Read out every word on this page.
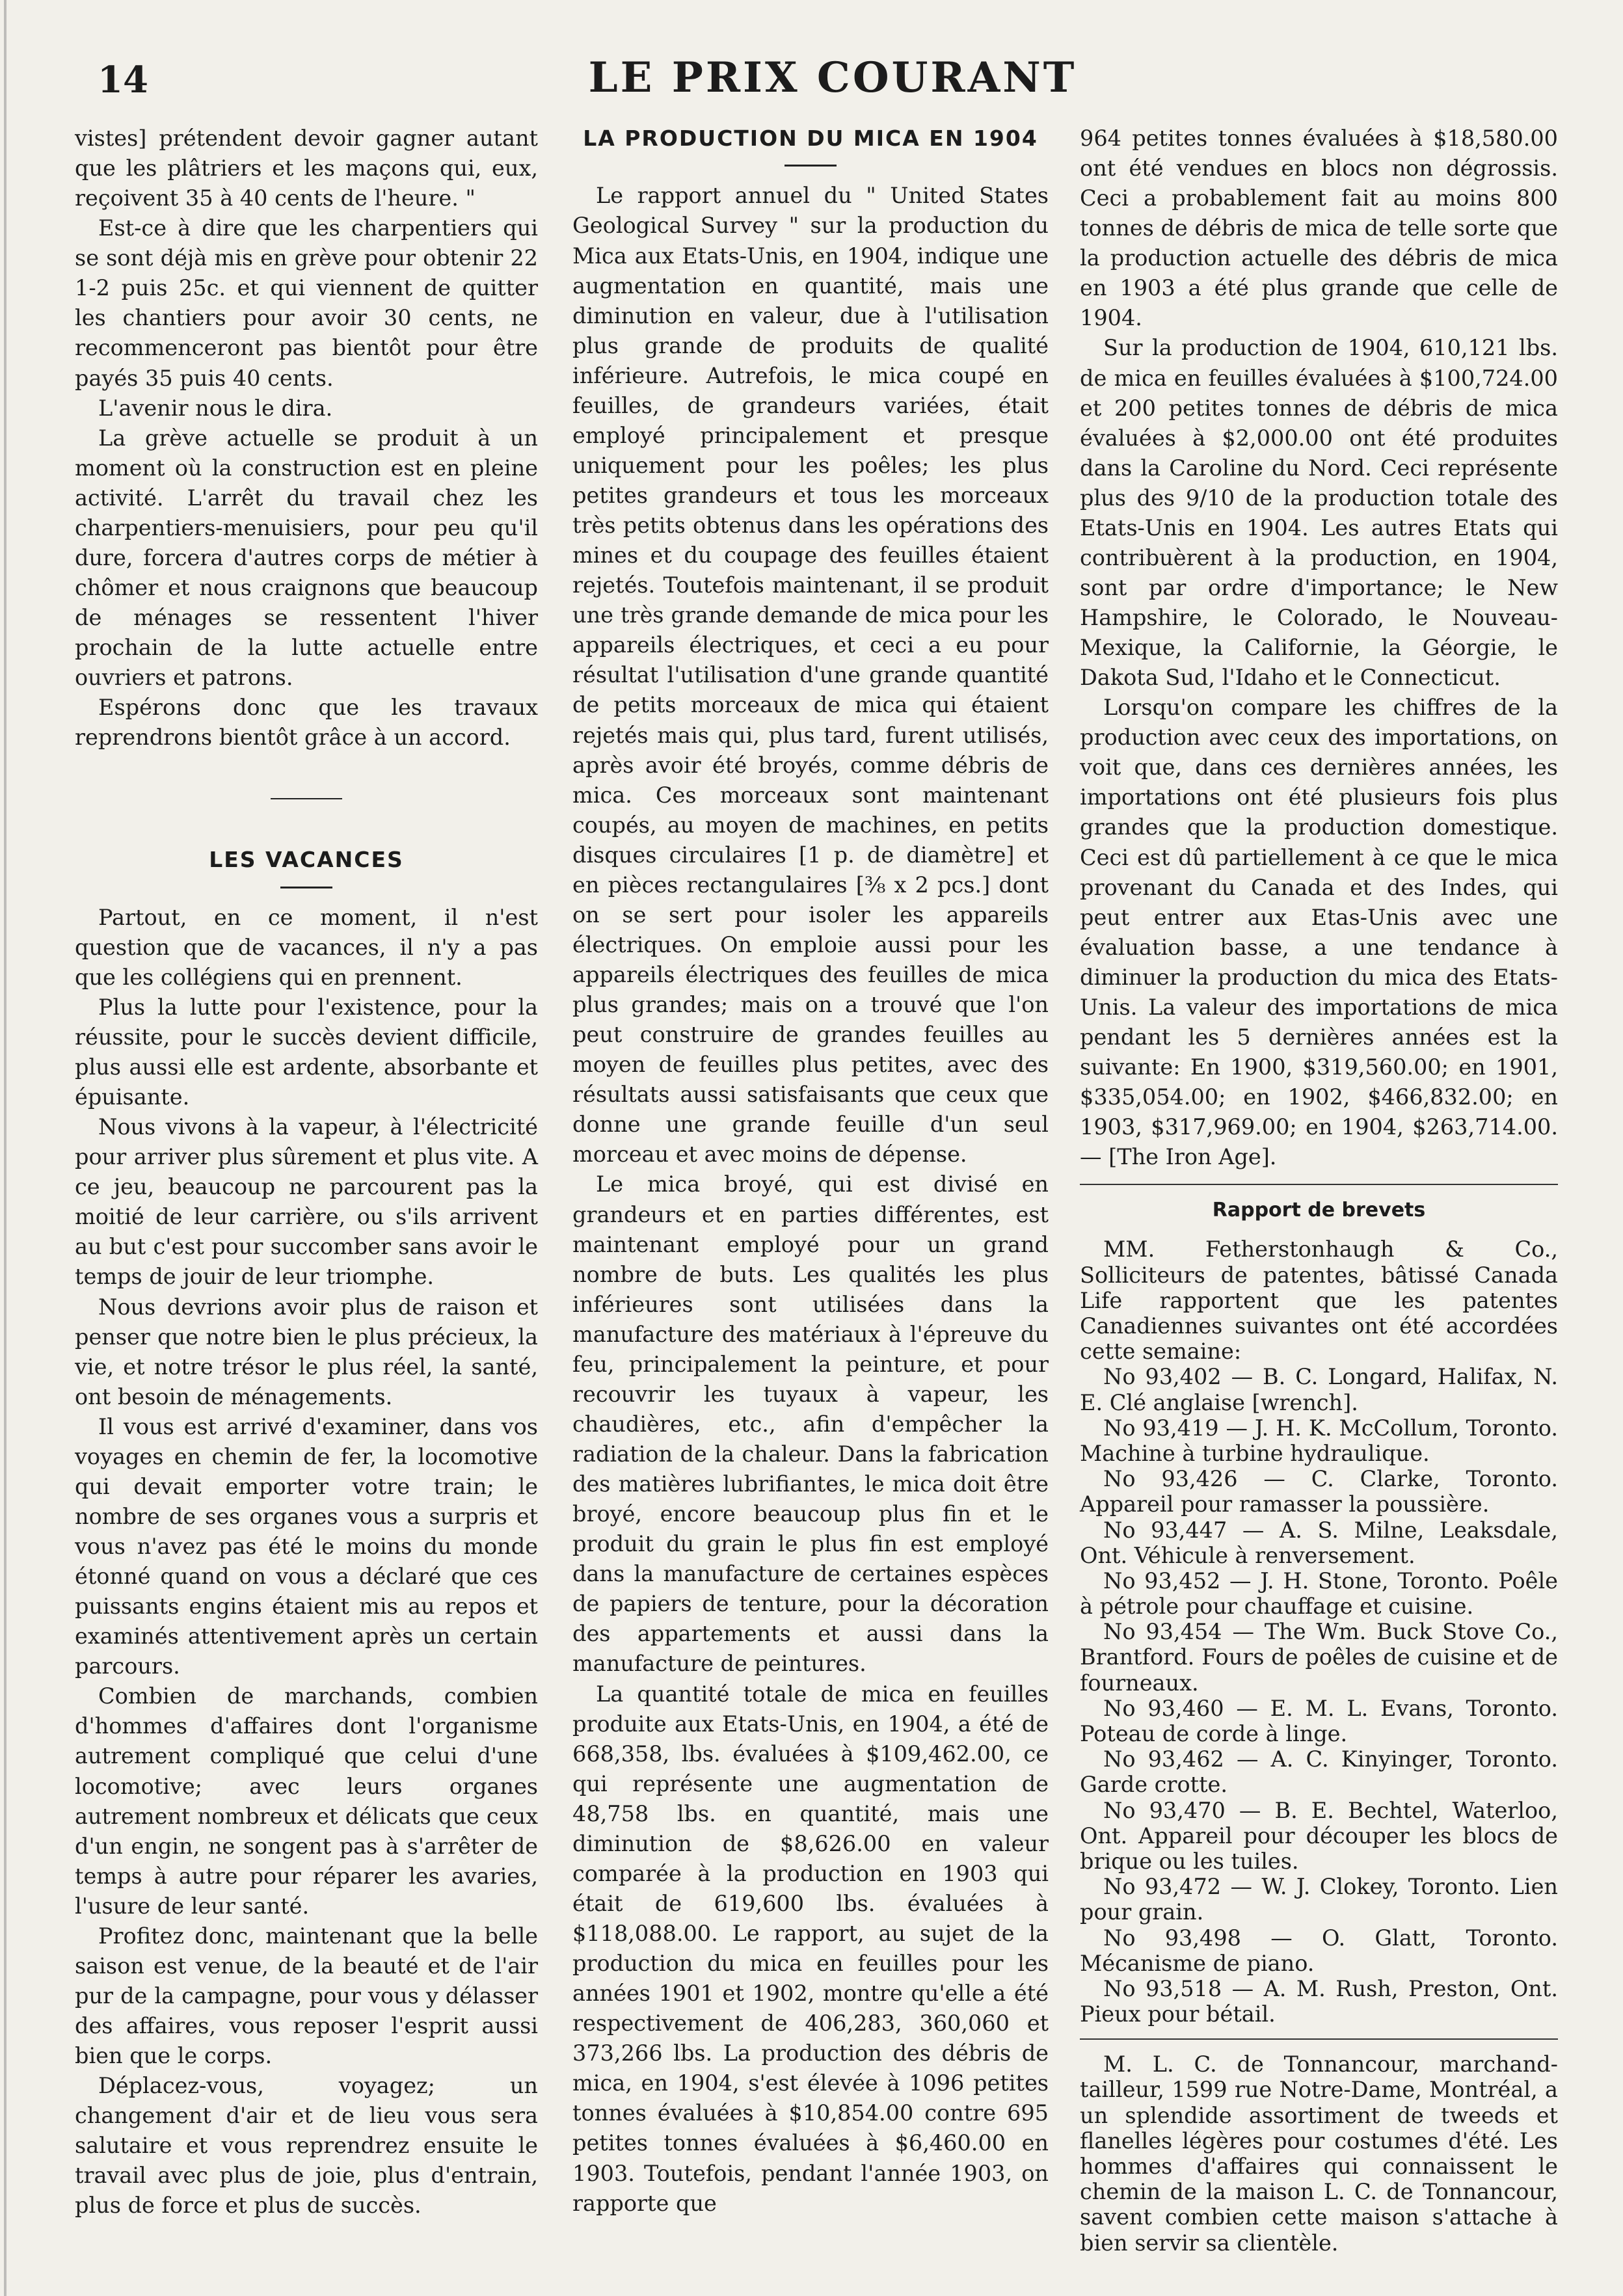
14	LE PRIX COURANT

vistes] prétendent devoir gagner autant que les plâtriers et les maçons qui, eux, reçoivent 35 à 40 cents de l'heure. "

Est-ce à dire que les charpentiers qui se sont déjà mis en grève pour obtenir 22 1-2 puis 25c. et qui viennent de quitter les chantiers pour avoir 30 cents, ne recommenceront pas bientôt pour être payés 35 puis 40 cents.

L'avenir nous le dira.

La grève actuelle se produit à un moment où la construction est en pleine activité. L'arrêt du travail chez les charpentiers-menuisiers, pour peu qu'il dure, forcera d'autres corps de métier à chômer et nous craignons que beaucoup de ménages se ressentent l'hiver prochain de la lutte actuelle entre ouvriers et patrons.

Espérons donc que les travaux reprendrons bientôt grâce à un accord.

LES VACANCES

Partout, en ce moment, il n'est question que de vacances, il n'y a pas que les collégiens qui en prennent.

Plus la lutte pour l'existence, pour la réussite, pour le succès devient difficile, plus aussi elle est ardente, absorbante et épuisante.

Nous vivons à la vapeur, à l'électricité pour arriver plus sûrement et plus vite. A ce jeu, beaucoup ne parcourent pas la moitié de leur carrière, ou s'ils arrivent au but c'est pour succomber sans avoir le temps de jouir de leur triomphe.

Nous devrions avoir plus de raison et penser que notre bien le plus précieux, la vie, et notre trésor le plus réel, la santé, ont besoin de ménagements.

Il vous est arrivé d'examiner, dans vos voyages en chemin de fer, la locomotive qui devait emporter votre train; le nombre de ses organes vous a surpris et vous n'avez pas été le moins du monde étonné quand on vous a déclaré que ces puissants engins étaient mis au repos et examinés attentivement après un certain parcours.

Combien de marchands, combien d'hommes d'affaires dont l'organisme autrement compliqué que celui d'une locomotive; avec leurs organes autrement nombreux et délicats que ceux d'un engin, ne songent pas à s'arrêter de temps à autre pour réparer les avaries, l'usure de leur santé.

Profitez donc, maintenant que la belle saison est venue, de la beauté et de l'air pur de la campagne, pour vous y délasser des affaires, vous reposer l'esprit aussi bien que le corps.

Déplacez-vous, voyagez; un changement d'air et de lieu vous sera salutaire et vous reprendrez ensuite le travail avec plus de joie, plus d'entrain, plus de force et plus de succès.

LA PRODUCTION DU MICA EN 1904

Le rapport annuel du " United States Geological Survey " sur la production du Mica aux Etats-Unis, en 1904, indique une augmentation en quantité, mais une diminution en valeur, due à l'utilisation plus grande de produits de qualité inférieure. Autrefois, le mica coupé en feuilles, de grandeurs variées, était employé principalement et presque uniquement pour les poêles; les plus petites grandeurs et tous les morceaux très petits obtenus dans les opérations des mines et du coupage des feuilles étaient rejetés. Toutefois maintenant, il se produit une très grande demande de mica pour les appareils électriques, et ceci a eu pour résultat l'utilisation d'une grande quantité de petits morceaux de mica qui étaient rejetés mais qui, plus tard, furent utilisés, après avoir été broyés, comme débris de mica. Ces morceaux sont maintenant coupés, au moyen de machines, en petits disques circulaires [1 p. de diamètre] et en pièces rectangulaires [⅜ x 2 pcs.] dont on se sert pour isoler les appareils électriques. On emploie aussi pour les appareils électriques des feuilles de mica plus grandes; mais on a trouvé que l'on peut construire de grandes feuilles au moyen de feuilles plus petites, avec des résultats aussi satisfaisants que ceux que donne une grande feuille d'un seul morceau et avec moins de dépense.

Le mica broyé, qui est divisé en grandeurs et en parties différentes, est maintenant employé pour un grand nombre de buts. Les qualités les plus inférieures sont utilisées dans la manufacture des matériaux à l'épreuve du feu, principalement la peinture, et pour recouvrir les tuyaux à vapeur, les chaudières, etc., afin d'empêcher la radiation de la chaleur. Dans la fabrication des matières lubrifiantes, le mica doit être broyé, encore beaucoup plus fin et le produit du grain le plus fin est employé dans la manufacture de certaines espèces de papiers de tenture, pour la décoration des appartements et aussi dans la manufacture de peintures.

La quantité totale de mica en feuilles produite aux Etats-Unis, en 1904, a été de 668,358, lbs. évaluées à $109,462.00, ce qui représente une augmentation de 48,758 lbs. en quantité, mais une diminution de $8,626.00 en valeur comparée à la production en 1903 qui était de 619,600 lbs. évaluées à $118,088.00. Le rapport, au sujet de la production du mica en feuilles pour les années 1901 et 1902, montre qu'elle a été respectivement de 406,283, 360,060 et 373,266 lbs. La production des débris de mica, en 1904, s'est élevée à 1096 petites tonnes évaluées à $10,854.00 contre 695 petites tonnes évaluées à $6,460.00 en 1903. Toutefois, pendant l'année 1903, on rapporte que

964 petites tonnes évaluées à $18,580.00 ont été vendues en blocs non dégrossis. Ceci a probablement fait au moins 800 tonnes de débris de mica de telle sorte que la production actuelle des débris de mica en 1903 a été plus grande que celle de 1904.

Sur la production de 1904, 610,121 lbs. de mica en feuilles évaluées à $100,724.00 et 200 petites tonnes de débris de mica évaluées à $2,000.00 ont été produites dans la Caroline du Nord. Ceci représente plus des 9/10 de la production totale des Etats-Unis en 1904. Les autres Etats qui contribuèrent à la production, en 1904, sont par ordre d'importance; le New Hampshire, le Colorado, le Nouveau-Mexique, la Californie, la Géorgie, le Dakota Sud, l'Idaho et le Connecticut.

Lorsqu'on compare les chiffres de la production avec ceux des importations, on voit que, dans ces dernières années, les importations ont été plusieurs fois plus grandes que la production domestique. Ceci est dû partiellement à ce que le mica provenant du Canada et des Indes, qui peut entrer aux Etas-Unis avec une évaluation basse, a une tendance à diminuer la production du mica des Etats-Unis. La valeur des importations de mica pendant les 5 dernières années est la suivante: En 1900, $319,560.00; en 1901, $335,054.00; en 1902, $466,832.00; en 1903, $317,969.00; en 1904, $263,714.00. — [The Iron Age].

Rapport de brevets

MM. Fetherstonhaugh & Co., Solliciteurs de patentes, bâtissé Canada Life rapportent que les patentes Canadiennes suivantes ont été accordées cette semaine:

No 93,402 — B. C. Longard, Halifax, N. E. Clé anglaise [wrench].

No 93,419 — J. H. K. McCollum, Toronto. Machine à turbine hydraulique.

No 93,426 — C. Clarke, Toronto. Appareil pour ramasser la poussière.

No 93,447 — A. S. Milne, Leaksdale, Ont. Véhicule à renversement.

No 93,452 — J. H. Stone, Toronto. Poêle à pétrole pour chauffage et cuisine.

No 93,454 — The Wm. Buck Stove Co., Brantford. Fours de poêles de cuisine et de fourneaux.

No 93,460 — E. M. L. Evans, Toronto. Poteau de corde à linge.

No 93,462 — A. C. Kinyinger, Toronto. Garde crotte.

No 93,470 — B. E. Bechtel, Waterloo, Ont. Appareil pour découper les blocs de brique ou les tuiles.

No 93,472 — W. J. Clokey, Toronto. Lien pour grain.

No 93,498 — O. Glatt, Toronto. Mécanisme de piano.

No 93,518 — A. M. Rush, Preston, Ont. Pieux pour bétail.

M. L. C. de Tonnancour, marchand-tailleur, 1599 rue Notre-Dame, Montréal, a un splendide assortiment de tweeds et flanelles légères pour costumes d'été. Les hommes d'affaires qui connaissent le chemin de la maison L. C. de Tonnancour, savent combien cette maison s'attache à bien servir sa clientèle.
